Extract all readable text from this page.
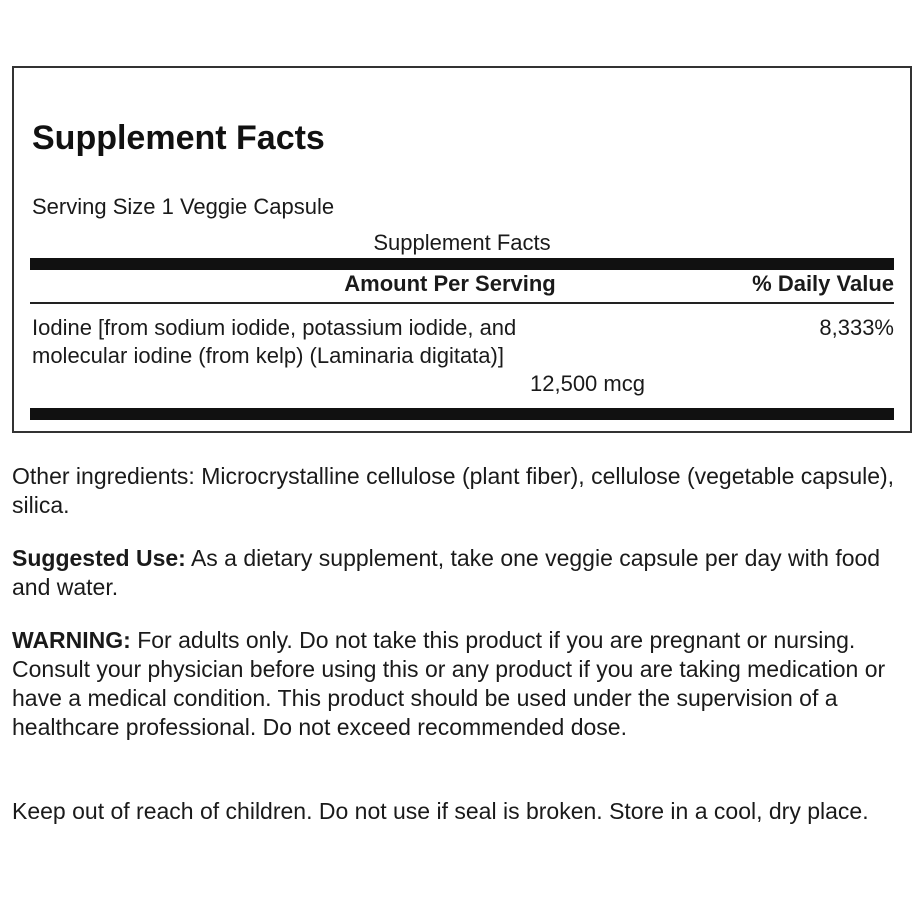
Supplement Facts
Serving Size 1 Veggie Capsule
Supplement Facts
Amount Per Serving	% Daily Value
Iodine [from sodium iodide, potassium iodide, and
molecular iodine (from kelp) (Laminaria digitata)]
12,500 mcg
8,333%

Other ingredients: Microcrystalline cellulose (plant fiber), cellulose (vegetable capsule), silica.

Suggested Use: As a dietary supplement, take one veggie capsule per day with food and water.

WARNING: For adults only. Do not take this product if you are pregnant or nursing. Consult your physician before using this or any product if you are taking medication or have a medical condition. This product should be used under the supervision of a healthcare professional. Do not exceed recommended dose.

Keep out of reach of children. Do not use if seal is broken. Store in a cool, dry place.
